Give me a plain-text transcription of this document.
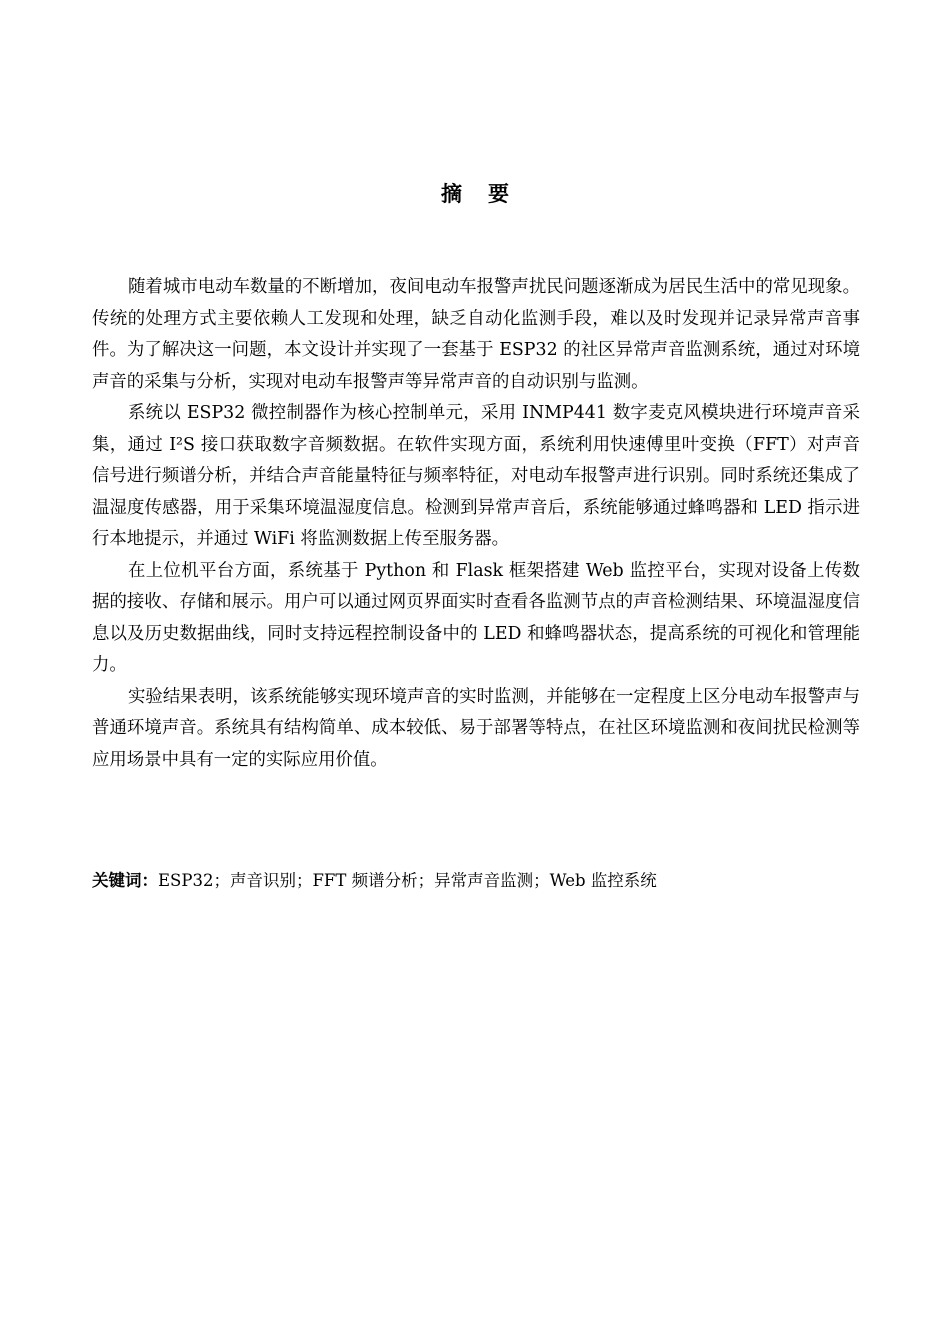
摘 要

随着城市电动车数量的不断增加，夜间电动车报警声扰民问题逐渐成为居民生活中的常见现象。传统的处理方式主要依赖人工发现和处理，缺乏自动化监测手段，难以及时发现并记录异常声音事件。为了解决这一问题，本文设计并实现了一套基于 ESP32 的社区异常声音监测系统，通过对环境声音的采集与分析，实现对电动车报警声等异常声音的自动识别与监测。

系统以 ESP32 微控制器作为核心控制单元，采用 INMP441 数字麦克风模块进行环境声音采集，通过 I²S 接口获取数字音频数据。在软件实现方面，系统利用快速傅里叶变换（FFT）对声音信号进行频谱分析，并结合声音能量特征与频率特征，对电动车报警声进行识别。同时系统还集成了温湿度传感器，用于采集环境温湿度信息。检测到异常声音后，系统能够通过蜂鸣器和 LED 指示进行本地提示，并通过 WiFi 将监测数据上传至服务器。

在上位机平台方面，系统基于 Python 和 Flask 框架搭建 Web 监控平台，实现对设备上传数据的接收、存储和展示。用户可以通过网页界面实时查看各监测节点的声音检测结果、环境温湿度信息以及历史数据曲线，同时支持远程控制设备中的 LED 和蜂鸣器状态，提高系统的可视化和管理能力。

实验结果表明，该系统能够实现环境声音的实时监测，并能够在一定程度上区分电动车报警声与普通环境声音。系统具有结构简单、成本较低、易于部署等特点，在社区环境监测和夜间扰民检测等应用场景中具有一定的实际应用价值。

关键词：ESP32；声音识别；FFT 频谱分析；异常声音监测；Web 监控系统
